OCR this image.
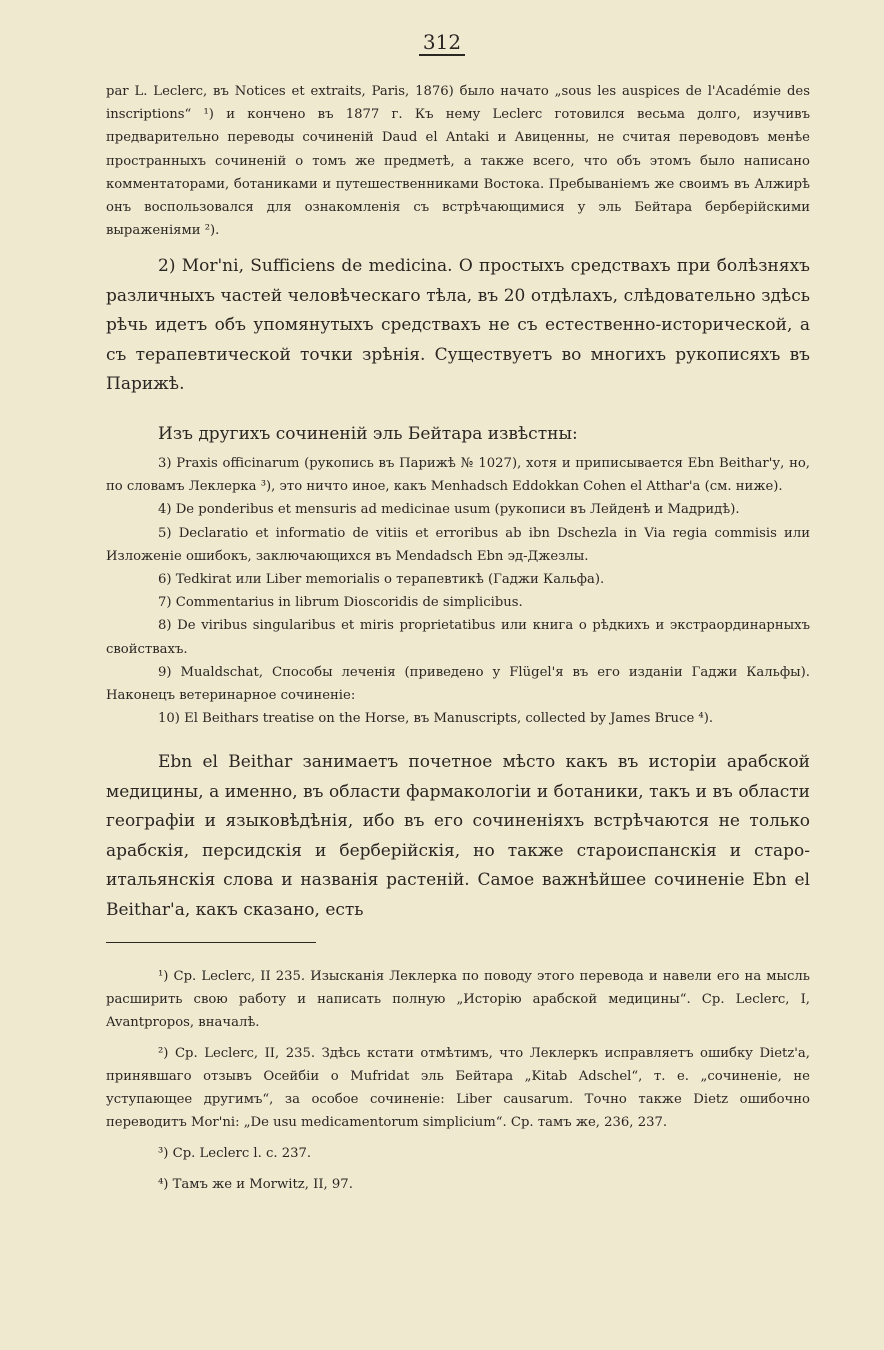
312

par L. Leclerc, въ Notices et extraits, Paris, 1876) было начато „sous les auspices de l'Académie des inscriptions“ ¹) и кончено въ 1877 г. Къ нему Leclerc готовился весьма долго, изучивъ предварительно переводы сочиненій Daud el Antaki и Авиценны, не считая переводовъ менѣе пространныхъ сочиненій о томъ же предметѣ, а также всего, что объ этомъ было написано комментаторами, ботаниками и путешественниками Востока. Пребываніемъ же своимъ въ Алжирѣ онъ воспользовался для ознакомленія съ встрѣчающимися у эль Бейтара берберійскими выраженіями ²).

2) Mor'ni, Sufficiens de medicina. О простыхъ средствахъ при болѣзняхъ различныхъ частей человѣческаго тѣла, въ 20 отдѣлахъ, слѣдовательно здѣсь рѣчь идетъ объ упомянутыхъ средствахъ не съ естественно-исторической, а съ терапевтической точки зрѣнія. Существуетъ во многихъ рукописяхъ въ Парижѣ.

Изъ другихъ сочиненій эль Бейтара извѣстны:

3) Praxis officinarum (рукопись въ Парижѣ № 1027), хотя и приписывается Ebn Beithar'у, но, по словамъ Леклерка ³), это ничто иное, какъ Menhadsch Eddokkan Cohen el Atthar'а (см. ниже).

4) De ponderibus et mensuris ad medicinae usum (рукописи въ Лейденѣ и Мадридѣ).

5) Declaratio et informatio de vitiis et erroribus ab ibn Dschezla in Via regia commisis или Изложеніе ошибокъ, заключающихся въ Mendadsch Ebn эд-Джезлы.

6) Tedkirat или Liber memorialis о терапевтикѣ (Гаджи Кальфа).

7) Commentarius in librum Dioscoridis de simplicibus.

8) De viribus singularibus et miris proprietatibus или книга о рѣдкихъ и экстраординарныхъ свойствахъ.

9) Mualdschat, Способы леченія (приведено у Flügel'я въ его изданіи Гаджи Кальфы). Наконецъ ветеринарное сочиненіе:

10) El Beithars treatise on the Horse, въ Manuscripts, collected by James Bruce ⁴).

Ebn el Beithar занимаетъ почетное мѣсто какъ въ исторіи арабской медицины, а именно, въ области фармакологіи и ботаники, такъ и въ области географіи и языковѣдѣнія, ибо въ его сочиненіяхъ встрѣчаются не только арабскія, персидскія и берберійскія, но также староиспанскія и старо-итальянскія слова и названія растеній. Самое важнѣйшее сочиненіе Ebn el Beithar'а, какъ сказано, есть

¹) Ср. Leclerc, II 235. Изысканія Леклерка по поводу этого перевода и навели его на мысль расширить свою работу и написать полную „Исторію арабской медицины“. Ср. Leclerc, I, Avantpropos, вначалѣ.

²) Ср. Leclerc, II, 235. Здѣсь кстати отмѣтимъ, что Леклеркъ исправляетъ ошибку Dietz'а, принявшаго отзывъ Осейбіи о Mufridat эль Бейтара „Kitab Adschel“, т. е. „сочиненіе, не уступающее другимъ“, за особое сочиненіе: Liber causarum. Точно также Dietz ошибочно переводитъ Mor'ni: „De usu medicamentorum simplicium“. Ср. тамъ же, 236, 237.

³) Ср. Leclerc l. c. 237.

⁴) Тамъ же и Morwitz, II, 97.
